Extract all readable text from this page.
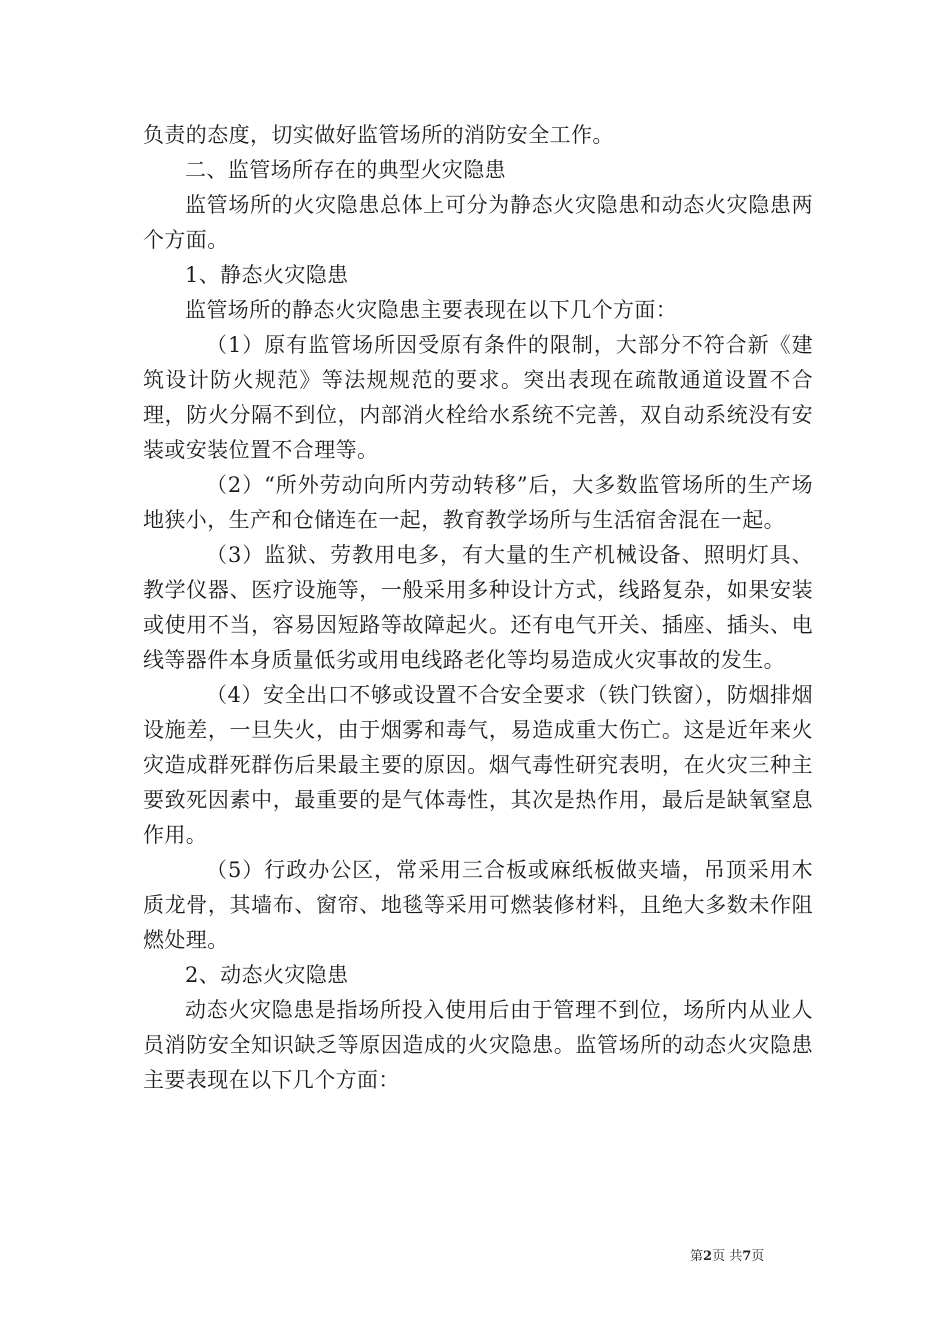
负责的态度，切实做好监管场所的消防安全工作。

二、监管场所存在的典型火灾隐患

监管场所的火灾隐患总体上可分为静态火灾隐患和动态火灾隐患两个方面。

1、静态火灾隐患

监管场所的静态火灾隐患主要表现在以下几个方面：

（1）原有监管场所因受原有条件的限制，大部分不符合新《建筑设计防火规范》等法规规范的要求。突出表现在疏散通道设置不合理，防火分隔不到位，内部消火栓给水系统不完善，双自动系统没有安装或安装位置不合理等。

（2）“所外劳动向所内劳动转移”后，大多数监管场所的生产场地狭小，生产和仓储连在一起，教育教学场所与生活宿舍混在一起。

（3）监狱、劳教用电多，有大量的生产机械设备、照明灯具、教学仪器、医疗设施等，一般采用多种设计方式，线路复杂，如果安装或使用不当，容易因短路等故障起火。还有电气开关、插座、插头、电线等器件本身质量低劣或用电线路老化等均易造成火灾事故的发生。

（4）安全出口不够或设置不合安全要求（铁门铁窗），防烟排烟设施差，一旦失火，由于烟雾和毒气，易造成重大伤亡。这是近年来火灾造成群死群伤后果最主要的原因。烟气毒性研究表明，在火灾三种主要致死因素中，最重要的是气体毒性，其次是热作用，最后是缺氧窒息作用。

（5）行政办公区，常采用三合板或麻纸板做夹墙，吊顶采用木质龙骨，其墙布、窗帘、地毯等采用可燃装修材料，且绝大多数未作阻燃处理。

2、动态火灾隐患

动态火灾隐患是指场所投入使用后由于管理不到位，场所内从业人员消防安全知识缺乏等原因造成的火灾隐患。监管场所的动态火灾隐患主要表现在以下几个方面：

第2页 共7页
